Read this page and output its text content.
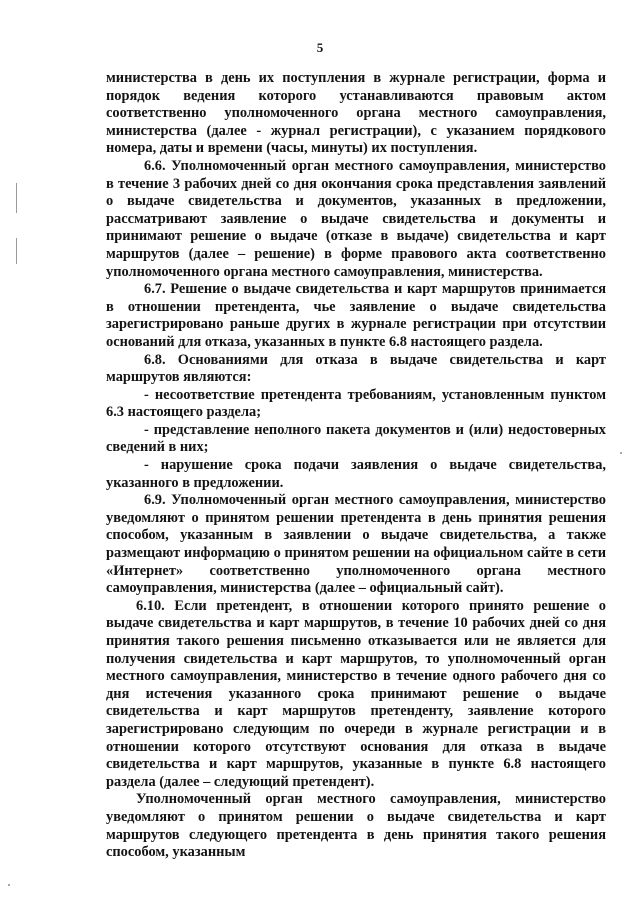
5

министерства в день их поступления в журнале регистрации, форма и порядок ведения которого устанавливаются правовым актом соответственно уполномоченного органа местного самоуправления, министерства (далее - журнал регистрации), с указанием порядкового номера, даты и времени (часы, минуты) их поступления.

6.6. Уполномоченный орган местного самоуправления, министерство в течение 3 рабочих дней со дня окончания срока представления заявлений о выдаче свидетельства и документов, указанных в предложении, рассматривают заявление о выдаче свидетельства и документы и принимают решение о выдаче (отказе в выдаче) свидетельства и карт маршрутов (далее – решение) в форме правового акта соответственно уполномоченного органа местного самоуправления, министерства.

6.7. Решение о выдаче свидетельства и карт маршрутов принимается в отношении претендента, чье заявление о выдаче свидетельства зарегистрировано раньше других в журнале регистрации при отсутствии оснований для отказа, указанных в пункте 6.8 настоящего раздела.

6.8. Основаниями для отказа в выдаче свидетельства и карт маршрутов являются:

- несоответствие претендента требованиям, установленным пунктом 6.3 настоящего раздела;

- представление неполного пакета документов и (или) недостоверных сведений в них;

- нарушение срока подачи заявления о выдаче свидетельства, указанного в предложении.

6.9. Уполномоченный орган местного самоуправления, министерство уведомляют о принятом решении претендента в день принятия решения способом, указанным в заявлении о выдаче свидетельства, а также размещают информацию о принятом решении на официальном сайте в сети «Интернет» соответственно уполномоченного органа местного самоуправления, министерства (далее – официальный сайт).

6.10. Если претендент, в отношении которого принято решение о выдаче свидетельства и карт маршрутов, в течение 10 рабочих дней со дня принятия такого решения письменно отказывается или не является для получения свидетельства и карт маршрутов, то уполномоченный орган местного самоуправления, министерство в течение одного рабочего дня со дня истечения указанного срока принимают решение о выдаче свидетельства и карт маршрутов претенденту, заявление которого зарегистрировано следующим по очереди в журнале регистрации и в отношении которого отсутствуют основания для отказа в выдаче свидетельства и карт маршрутов, указанные в пункте 6.8 настоящего раздела (далее – следующий претендент).

Уполномоченный орган местного самоуправления, министерство уведомляют о принятом решении о выдаче свидетельства и карт маршрутов следующего претендента в день принятия такого решения способом, указанным
